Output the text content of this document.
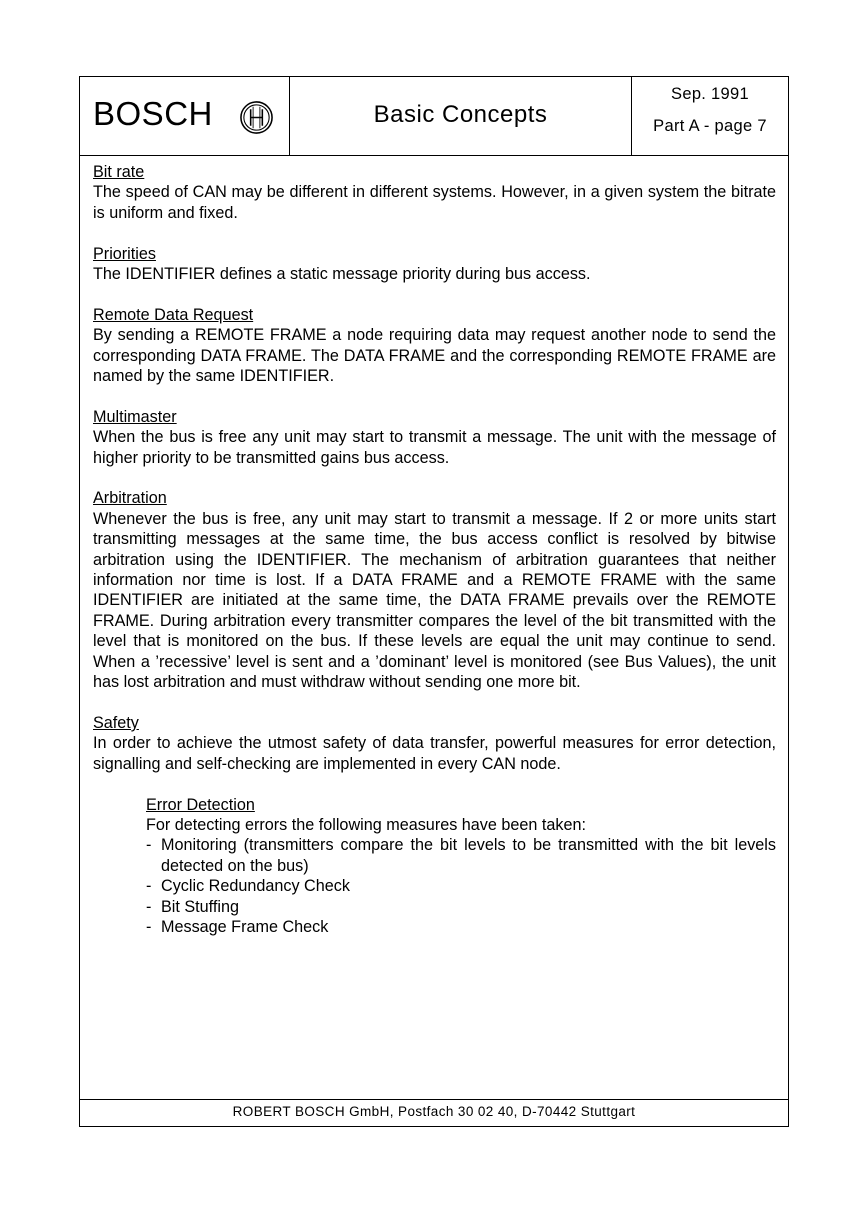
BOSCH	Basic Concepts
Sep. 1991
Part A - page 7
Bit rate
The speed of CAN may be different in different systems. However, in a given system the bitrate is uniform and fixed.
Priorities
The IDENTIFIER defines a static message priority during bus access.
Remote Data Request
By sending a REMOTE FRAME a node requiring data may request another node to send the corresponding DATA FRAME. The DATA FRAME and the corresponding REMOTE FRAME are named by the same IDENTIFIER.
Multimaster
When the bus is free any unit may start to transmit a message. The unit with the message of higher priority to be transmitted gains bus access.
Arbitration
Whenever the bus is free, any unit may start to transmit a message. If 2 or more units start transmitting messages at the same time, the bus access conflict is resolved by bitwise arbitration using the IDENTIFIER. The mechanism of arbitration guarantees that neither information nor time is lost. If a DATA FRAME and a REMOTE FRAME with the same IDENTIFIER are initiated at the same time, the DATA FRAME prevails over the REMOTE FRAME. During arbitration every transmitter compares the level of the bit transmitted with the level that is monitored on the bus. If these levels are equal the unit may continue to send. When a ’recessive’ level is sent and a ’dominant’ level is monitored (see Bus Values), the unit has lost arbitration and must withdraw without sending one more bit.
Safety
In order to achieve the utmost safety of data transfer, powerful measures for error detection, signalling and self-checking are implemented in every CAN node.
Error Detection
For detecting errors the following measures have been taken:
- Monitoring (transmitters compare the bit levels to be transmitted with the bit levels detected on the bus)
- Cyclic Redundancy Check
- Bit Stuffing
- Message Frame Check
ROBERT BOSCH GmbH, Postfach 30 02 40, D-70442 Stuttgart
